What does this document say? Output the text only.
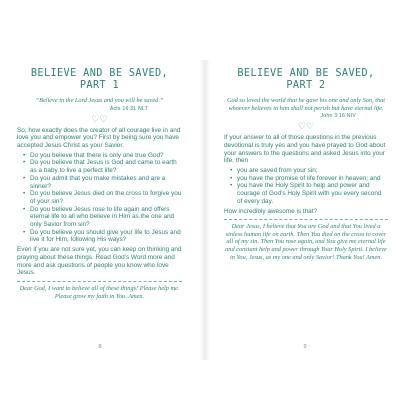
BELIEVE AND BE SAVED, PART 1

“Believe in the Lord Jesus and you will be saved.”

Acts 16:31 NLT

♡♡

So, how exactly does the creator of all courage live in and love you and empower you? First by being sure you have accepted Jesus Christ as your Savior.

• Do you believe that there is only one true God?
• Do you believe that Jesus is God and came to earth as a baby to live a perfect life?
• Do you admit that you make mistakes and are a sinner?
• Do you believe Jesus died on the cross to forgive you of your sin?
• Do you believe Jesus rose to life again and offers eternal life to all who believe in Him as the one and only Savior from sin?
• Do you believe you should give your life to Jesus and live it for Him, following His ways?

Even if you are not sure yet, you can keep on thinking and praying about these things. Read God’s Word more and more and ask questions of people you know who love Jesus.

Dear God, I want to believe all of these things! Please help me. Please grow my faith in You. Amen.

8
BELIEVE AND BE SAVED,
PART 2

God so loved the world that he gave his one and only Son, that whoever believes in him shall not perish but have eternal life.

John 3:16 NIV

♡♡

If your answer to all of those questions in the previous devotional is truly yes and you have prayed to God about your answers to the questions and asked Jesus into your life, then

• you are saved from your sin;
• you have the promise of life forever in heaven; and
• you have the Holy Spirit to help and power and courage of God’s Holy Spirit with you every second of every day.

How incredibly awesome is that?

Dear Jesus, I believe that You are God and that You lived a sinless human life on earth. Then You died on the cross to cover all of my sin. Then You rose again, and You give me eternal life and constant help and power through Your Holy Spirit. I believe in You, Jesus, as my one and only Savior! Thank You! Amen.

9
